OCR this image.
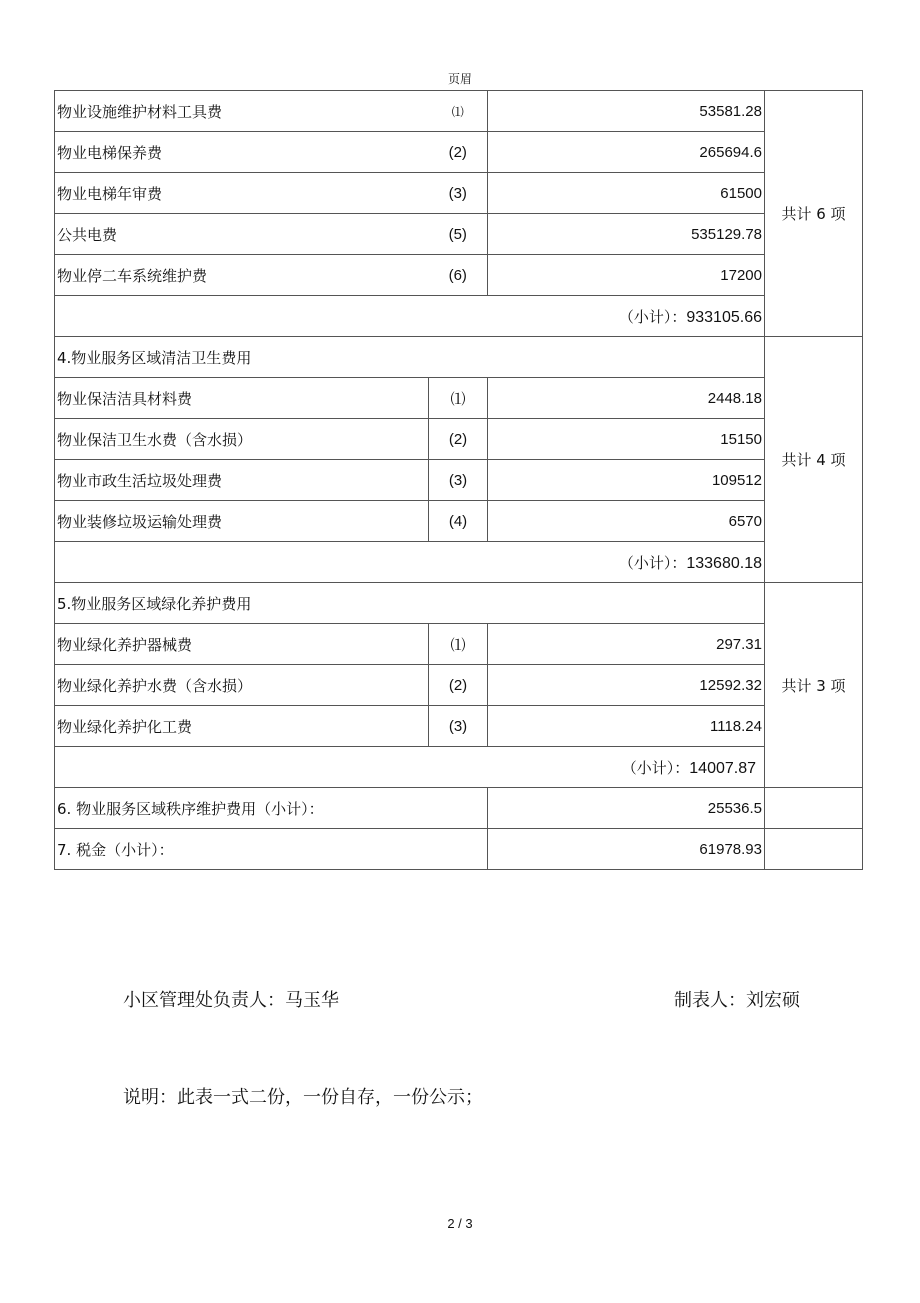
页眉
物业设施维护材料工具费	⑴	53581.28	共计 6 项
物业电梯保养费	(2)	265694.6	
物业电梯年审费	(3)	61500	
公共电费	(5)	535129.78	
物业停二车系统维护费	(6)	17200	
（小计）：933105.66			
4.物业服务区域清洁卫生费用			共计 4 项
物业保洁洁具材料费	⑴	2448.18	
物业保洁卫生水费（含水损）	(2)	15150	
物业市政生活垃圾处理费	(3)	109512	
物业装修垃圾运输处理费	(4)	6570	
（小计）：133680.18			
5.物业服务区域绿化养护费用			共计 3 项
物业绿化养护器械费	⑴	297.31	
物业绿化养护水费（含水损）	(2)	12592.32	
物业绿化养护化工费	(3)	1118.24	
（小计）：14007.87			
6. 物业服务区域秩序维护费用（小计）：		25536.5	
7. 税金（小计）：		61978.93	
小区管理处负责人：马玉华	制表人：刘宏硕
说明：此表一式二份，一份自存，一份公示；
2 / 3
